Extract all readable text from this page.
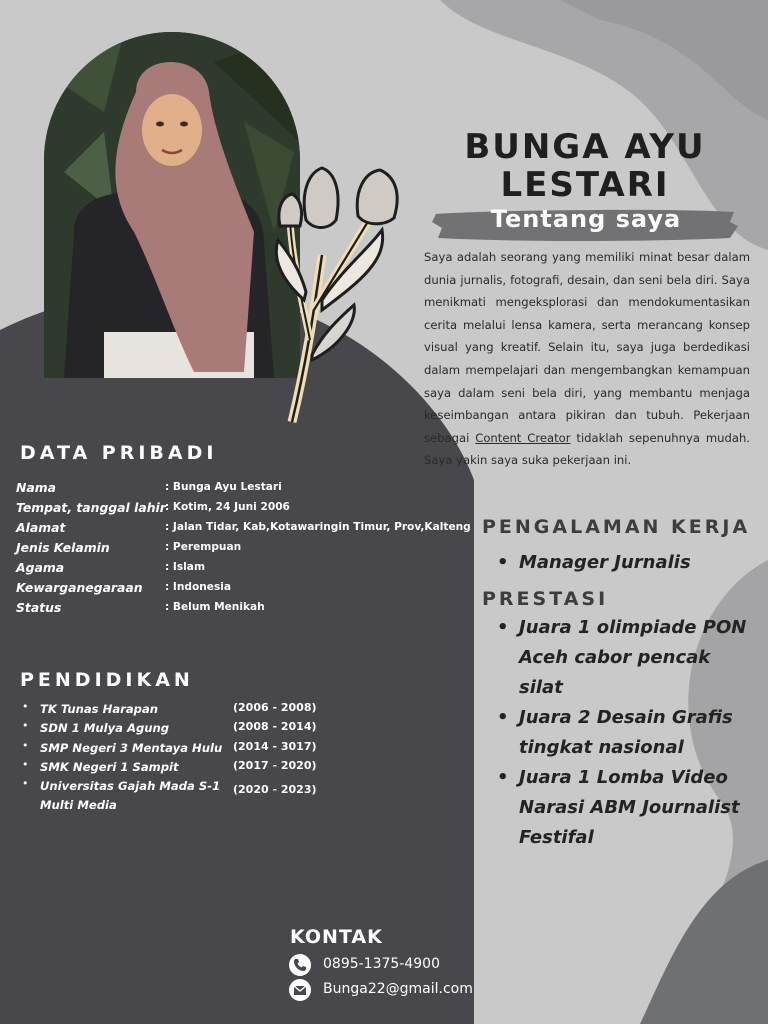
BUNGA AYU
LESTARI
Tentang saya
Saya adalah seorang yang memiliki minat besar dalam dunia jurnalis, fotografi, desain, dan seni bela diri. Saya menikmati mengeksplorasi dan mendokumentasikan cerita melalui lensa kamera, serta merancang konsep visual yang kreatif. Selain itu, saya juga berdedikasi dalam mempelajari dan mengembangkan kemampuan saya dalam seni bela diri, yang membantu menjaga keseimbangan antara pikiran dan tubuh. Pekerjaan sebagai Content Creator tidaklah sepenuhnya mudah. Saya yakin saya suka pekerjaan ini.
DATA PRIBADI
Nama	: Bunga Ayu Lestari
Tempat, tanggal lahir : Kotim, 24 Juni 2006
Alamat	: Jalan Tidar, Kab,Kotawaringin Timur, Prov,Kalteng
Jenis Kelamin	: Perempuan
Agama	: Islam
Kewarganegaraan : Indonesia
Status	: Belum Menikah
PENDIDIKAN
• TK Tunas Harapan	(2006 - 2008)
• SDN 1 Mulya Agung	(2008 - 2014)
• SMP Negeri 3 Mentaya Hulu (2014 - 3017)
• SMK Negeri 1 Sampit	(2017 - 2020)
• Universitas Gajah Mada S-1 Multi Media
(2020 - 2023)
PENGALAMAN KERJA
• Manager Jurnalis
PRESTASI
• Juara 1 olimpiade PON Aceh cabor pencak silat
• Juara 2 Desain Grafis tingkat nasional
• Juara 1 Lomba Video Narasi ABM Journalist Festifal
KONTAK
0895-1375-4900
Bunga22@gmail.com
